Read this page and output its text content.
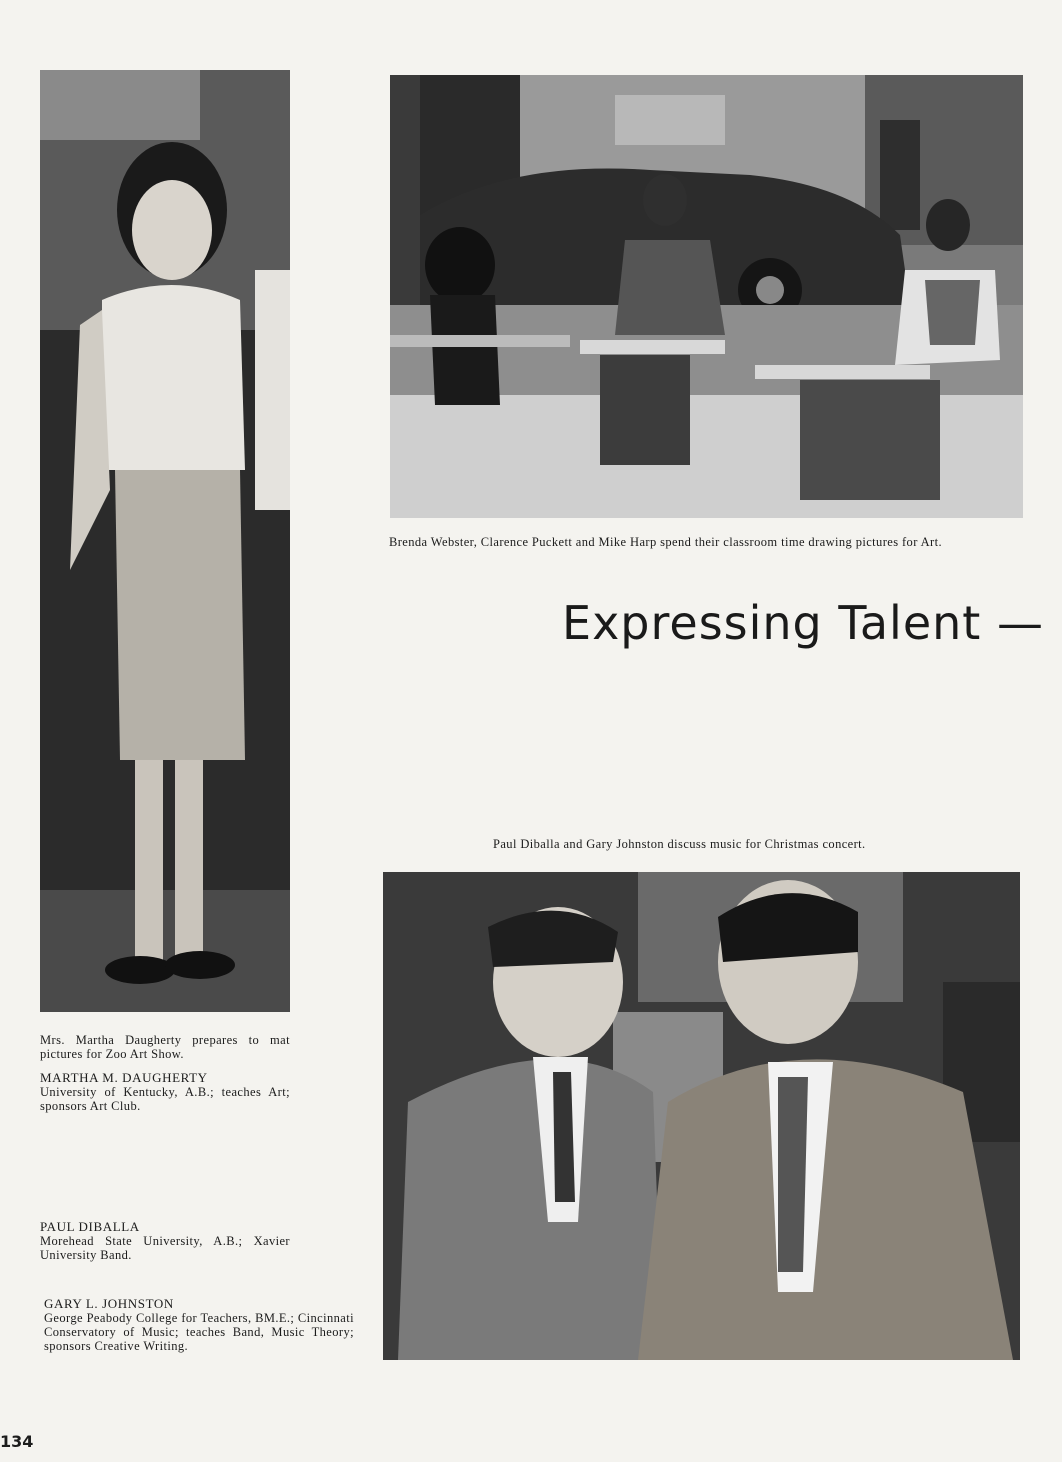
Brenda Webster, Clarence Puckett and Mike Harp spend their classroom time drawing pictures for Art.
Expressing Talent —
Paul Diballa and Gary Johnston discuss music for Christmas concert.
Mrs. Martha Daugherty prepares to mat pictures for Zoo Art Show.
MARTHA M. DAUGHERTY
University of Kentucky, A.B.; teaches Art; sponsors Art Club.
PAUL DIBALLA
Morehead State University, A.B.; Xavier University Band.
GARY L. JOHNSTON
George Peabody College for Teachers, BM.E.; Cincinnati Conservatory of Music; teaches Band, Music Theory; sponsors Creative Writing.
134
